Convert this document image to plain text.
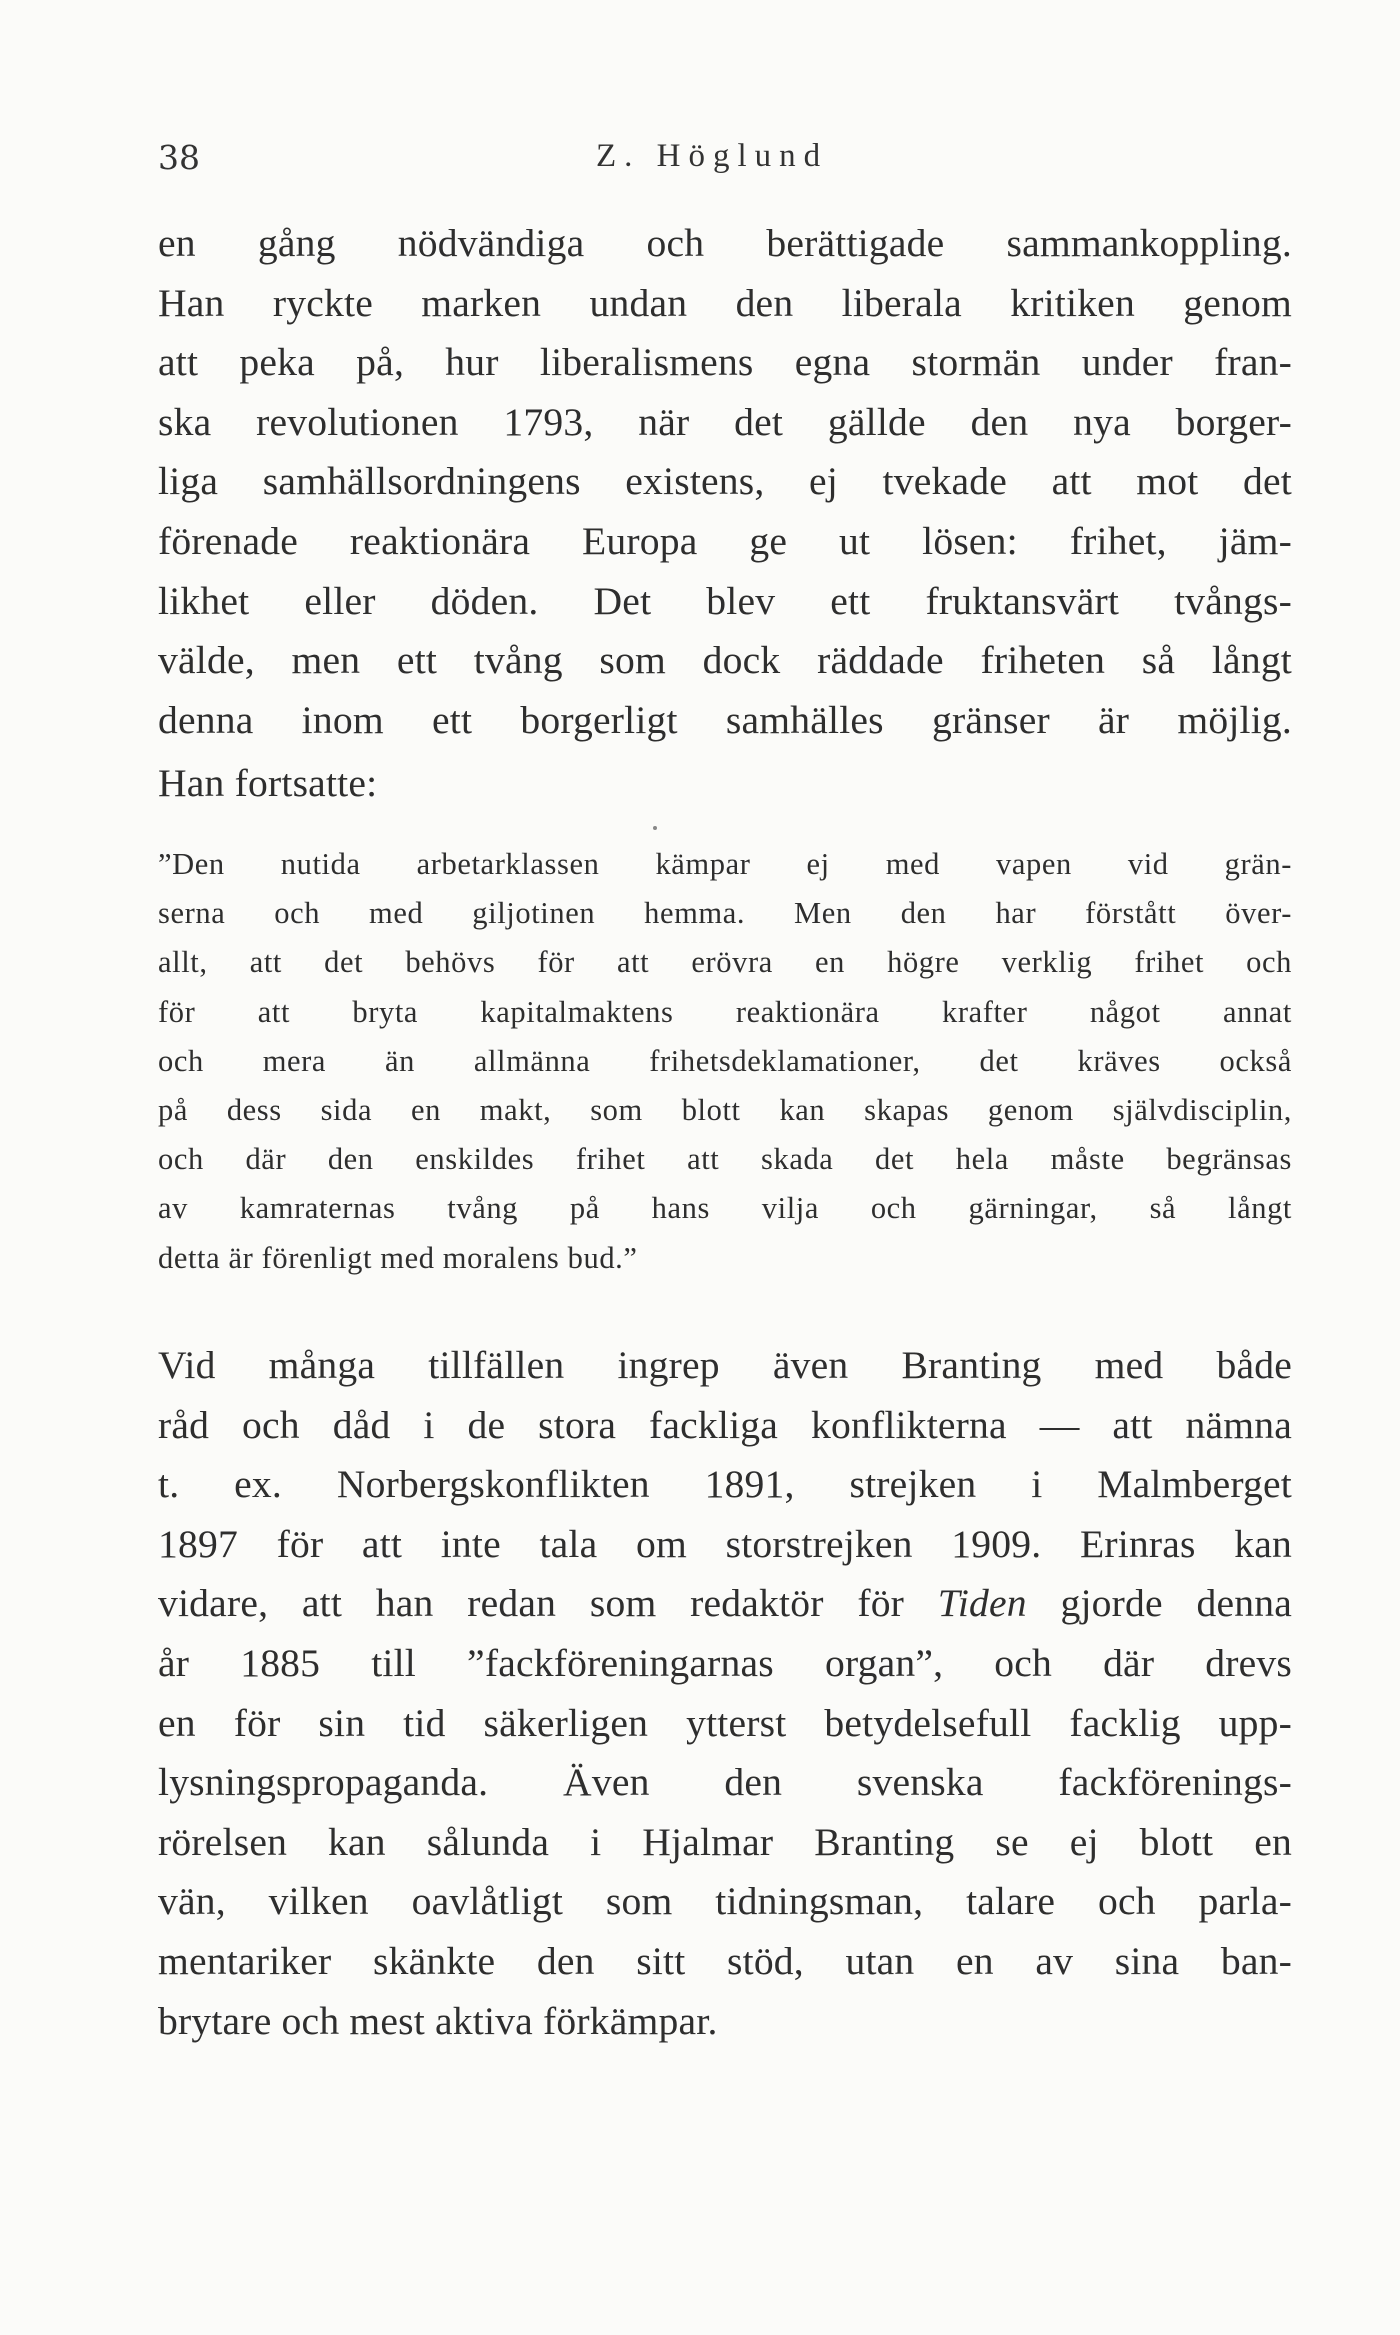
38	Z. Höglund
en gång nödvändiga och berättigade sammankoppling.
Han ryckte marken undan den liberala kritiken genom
att peka på, hur liberalismens egna stormän under fran-
ska revolutionen 1793, när det gällde den nya borger-
liga samhällsordningens existens, ej tvekade att mot det
förenade reaktionära Europa ge ut lösen: frihet, jäm-
likhet eller döden. Det blev ett fruktansvärt tvångs-
välde, men ett tvång som dock räddade friheten så långt
denna inom ett borgerligt samhälles gränser är möjlig.
Han fortsatte:
”Den nutida arbetarklassen kämpar ej med vapen vid grän-
serna och med giljotinen hemma. Men den har förstått över-
allt, att det behövs för att erövra en högre verklig frihet och
för att bryta kapitalmaktens reaktionära krafter något annat
och mera än allmänna frihetsdeklamationer, det kräves också
på dess sida en makt, som blott kan skapas genom självdisciplin,
och där den enskildes frihet att skada det hela måste begränsas
av kamraternas tvång på hans vilja och gärningar, så långt
detta är förenligt med moralens bud.”
Vid många tillfällen ingrep även Branting med både
råd och dåd i de stora fackliga konflikterna — att nämna
t. ex. Norbergskonflikten 1891, strejken i Malmberget
1897 för att inte tala om storstrejken 1909. Erinras kan
vidare, att han redan som redaktör för Tiden gjorde denna
år 1885 till ”fackföreningarnas organ”, och där drevs
en för sin tid säkerligen ytterst betydelsefull facklig upp-
lysningspropaganda. Även den svenska fackförenings-
rörelsen kan sålunda i Hjalmar Branting se ej blott en
vän, vilken oavlåtligt som tidningsman, talare och parla-
mentariker skänkte den sitt stöd, utan en av sina ban-
brytare och mest aktiva förkämpar.
